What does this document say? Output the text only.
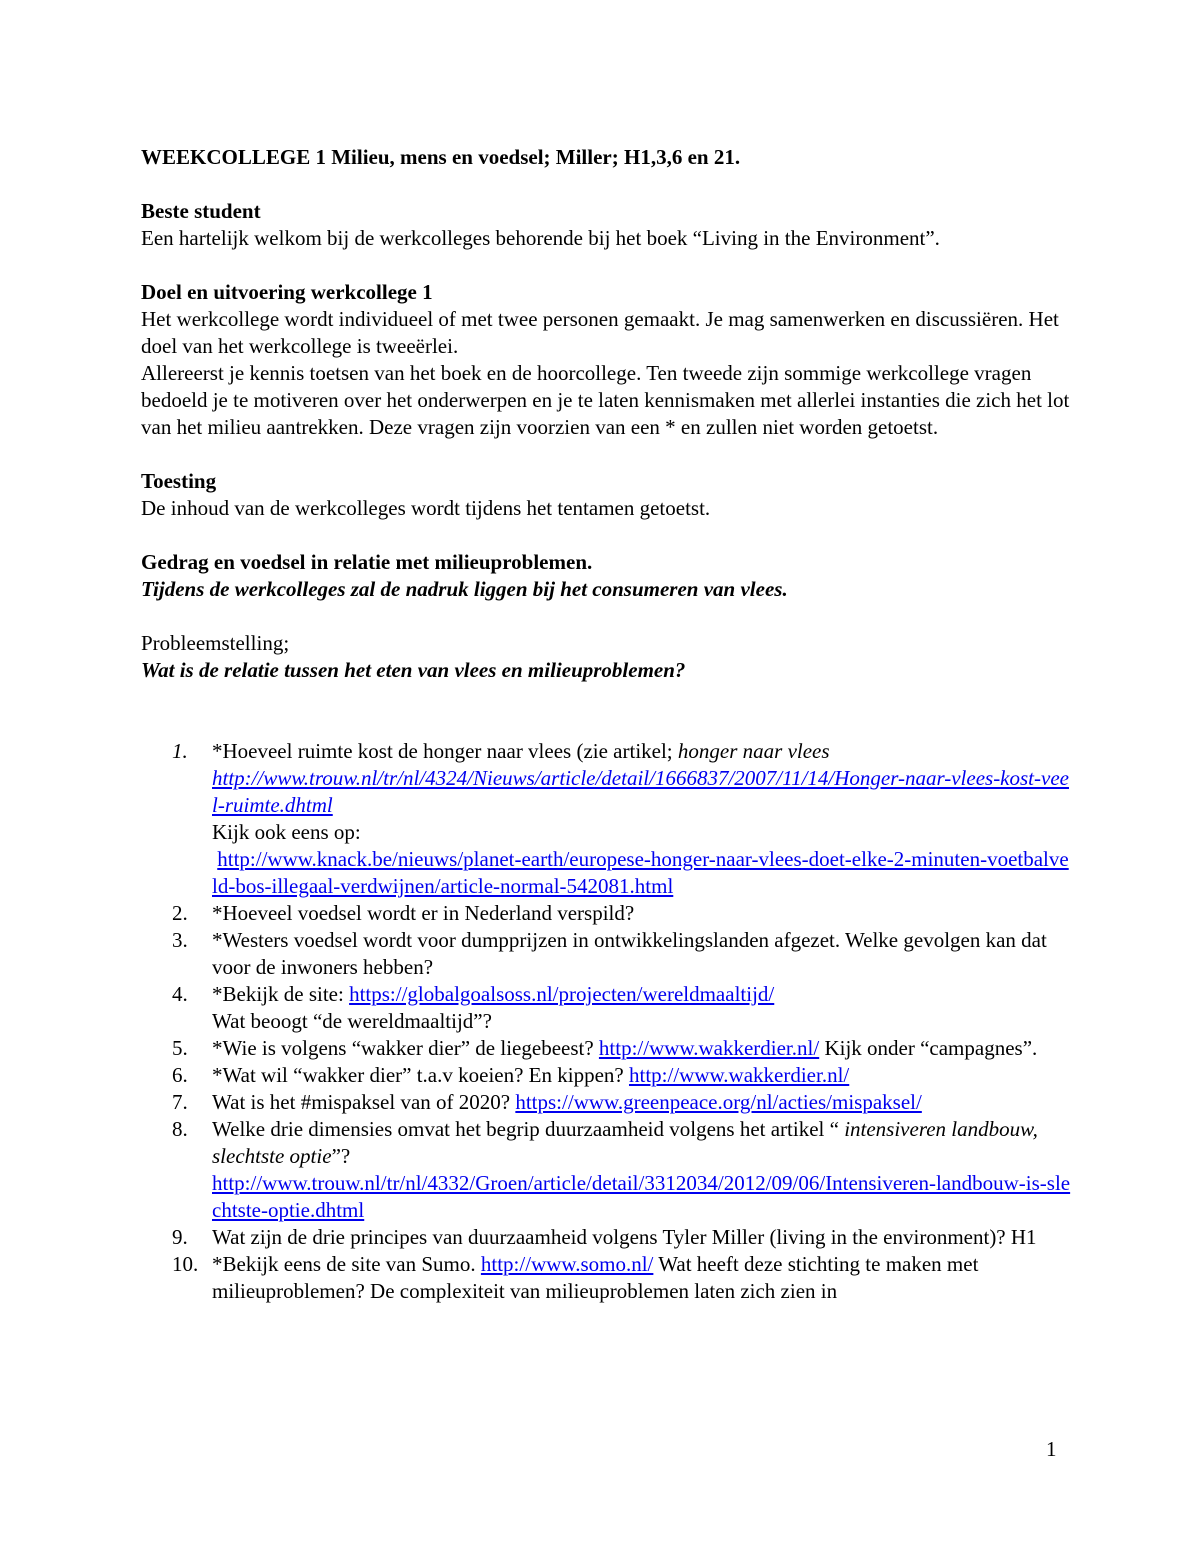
WEEKCOLLEGE 1 Milieu, mens en voedsel; Miller; H1,3,6 en 21.

Beste student

Een hartelijk welkom bij de werkcolleges behorende bij het boek “Living in the Environment”.

Doel en uitvoering werkcollege 1

Het werkcollege wordt individueel of met twee personen gemaakt. Je mag samenwerken en discussiëren. Het doel van het werkcollege is tweeërlei.

Allereerst je kennis toetsen van het boek en de hoorcollege. Ten tweede zijn sommige werkcollege vragen bedoeld je te motiveren over het onderwerpen en je te laten kennismaken met allerlei instanties die zich het lot van het milieu aantrekken. Deze vragen zijn voorzien van een * en zullen niet worden getoetst.

Toesting

De inhoud van de werkcolleges wordt tijdens het tentamen getoetst.

Gedrag en voedsel in relatie met milieuproblemen.

Tijdens de werkcolleges zal de nadruk liggen bij het consumeren van vlees.

Probleemstelling;

Wat is de relatie tussen het eten van vlees en milieuproblemen?

1.	*Hoeveel ruimte kost de honger naar vlees (zie artikel; honger naar vlees
http://www.trouw.nl/tr/nl/4324/Nieuws/article/detail/1666837/2007/11/14/Honger-naar-vlees-kost-veel-ruimte.dhtml
Kijk ook eens op:
http://www.knack.be/nieuws/planet-earth/europese-honger-naar-vlees-doet-elke-2-minuten-voetbalveld-bos-illegaal-verdwijnen/article-normal-542081.html
2.	*Hoeveel voedsel wordt er in Nederland verspild?
3.	*Westers voedsel wordt voor dumpprijzen in ontwikkelingslanden afgezet. Welke gevolgen kan dat voor de inwoners hebben?
4.	*Bekijk de site: https://globalgoalsoss.nl/projecten/wereldmaaltijd/
Wat beoogt “de wereldmaaltijd”?
5.	*Wie is volgens “wakker dier” de liegebeest? http://www.wakkerdier.nl/ Kijk onder “campagnes”.
6.	*Wat wil “wakker dier” t.a.v koeien? En kippen? http://www.wakkerdier.nl/
7.	Wat is het #mispaksel van of 2020? https://www.greenpeace.org/nl/acties/mispaksel/
8.	Welke drie dimensies omvat het begrip duurzaamheid volgens het artikel “ intensiveren landbouw, slechtste optie”?
http://www.trouw.nl/tr/nl/4332/Groen/article/detail/3312034/2012/09/06/Intensiveren-landbouw-is-slechtste-optie.dhtml
9.	Wat zijn de drie principes van duurzaamheid volgens Tyler Miller (living in the environment)? H1
10. *Bekijk eens de site van Sumo. http://www.somo.nl/ Wat heeft deze stichting te maken met milieuproblemen? De complexiteit van milieuproblemen laten zich zien in
1
